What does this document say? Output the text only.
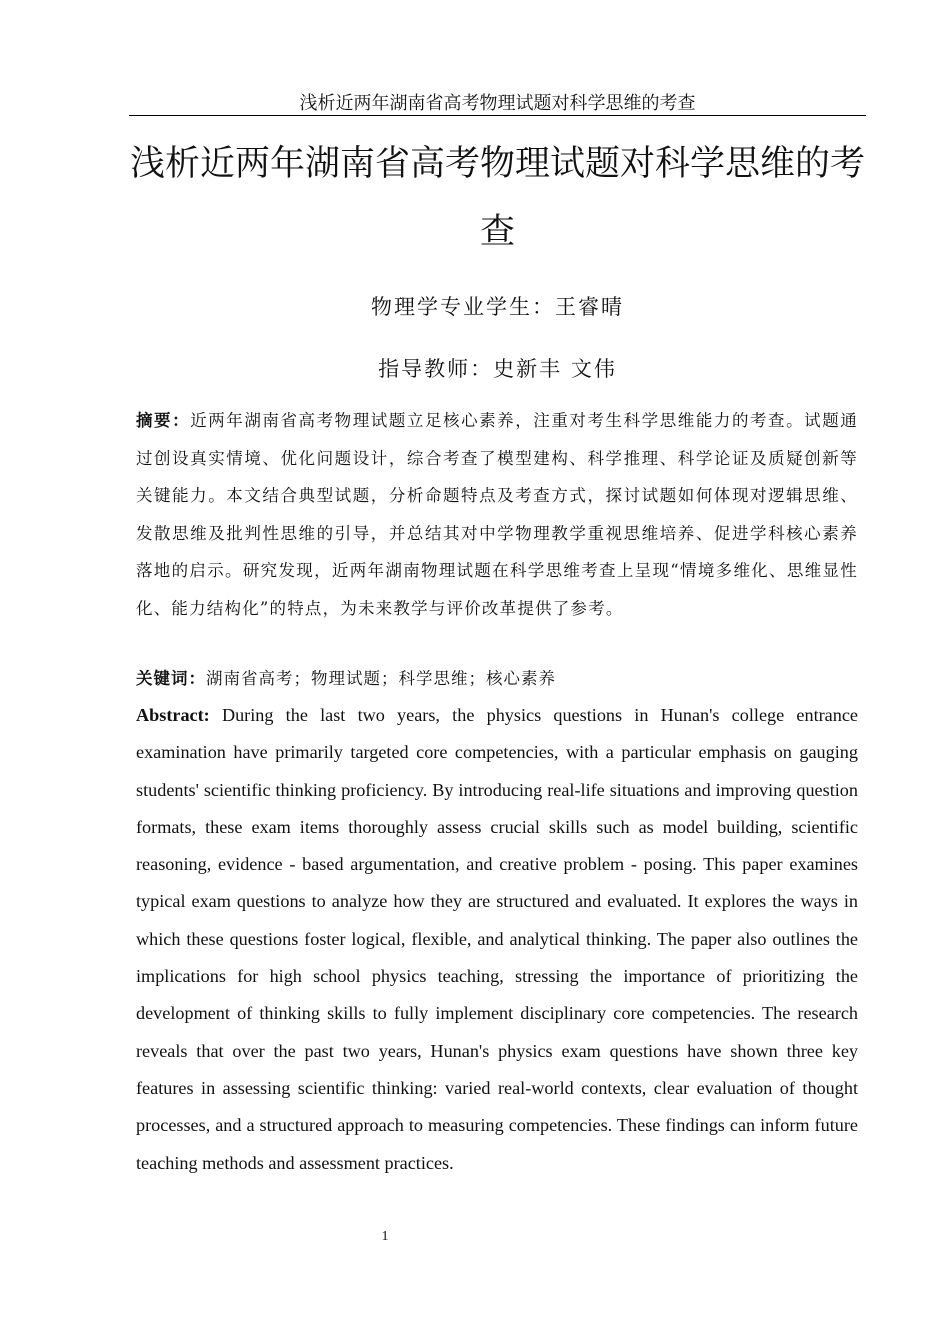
浅析近两年湖南省高考物理试题对科学思维的考查
浅析近两年湖南省高考物理试题对科学思维的考查
物理学专业学生：王睿晴
指导教师：史新丰 文伟

摘要：近两年湖南省高考物理试题立足核心素养，注重对考生科学思维能力的考查。试题通过创设真实情境、优化问题设计，综合考查了模型建构、科学推理、科学论证及质疑创新等关键能力。本文结合典型试题，分析命题特点及考查方式，探讨试题如何体现对逻辑思维、发散思维及批判性思维的引导，并总结其对中学物理教学重视思维培养、促进学科核心素养落地的启示。研究发现，近两年湖南物理试题在科学思维考查上呈现“情境多维化、思维显性化、能力结构化”的特点，为未来教学与评价改革提供了参考。

关键词：湖南省高考；物理试题；科学思维；核心素养

Abstract: During the last two years, the physics questions in Hunan's college entrance examination have primarily targeted core competencies, with a particular emphasis on gauging students' scientific thinking proficiency. By introducing real-life situations and improving question formats, these exam items thoroughly assess crucial skills such as model building, scientific reasoning, evidence - based argumentation, and creative problem - posing. This paper examines typical exam questions to analyze how they are structured and evaluated. It explores the ways in which these questions foster logical, flexible, and analytical thinking. The paper also outlines the implications for high school physics teaching, stressing the importance of prioritizing the development of thinking skills to fully implement disciplinary core competencies. The research reveals that over the past two years, Hunan's physics exam questions have shown three key features in assessing scientific thinking: varied real-world contexts, clear evaluation of thought processes, and a structured approach to measuring competencies. These findings can inform future teaching methods and assessment practices.

1
